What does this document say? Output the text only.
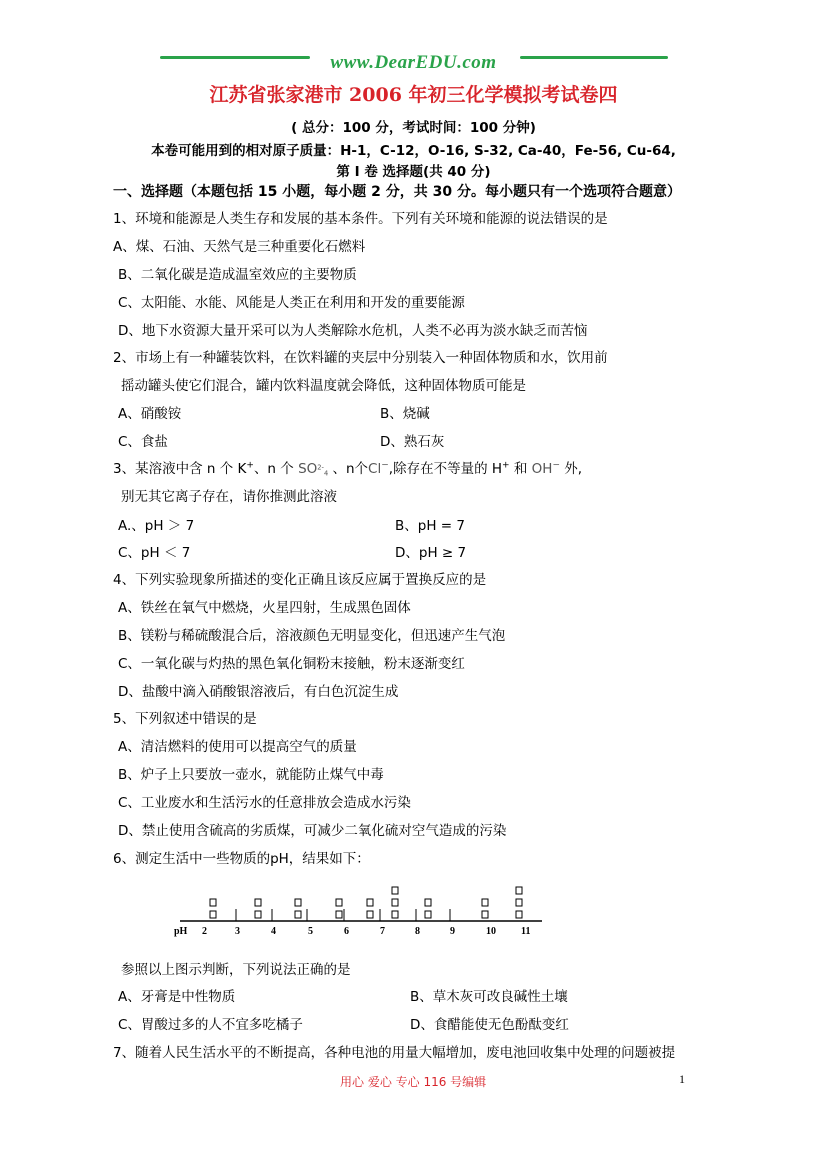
www.DearEDU.com
江苏省张家港市 2006 年初三化学模拟考试卷四
( 总分：100 分，考试时间：100 分钟)
本卷可能用到的相对原子质量：H-1，C-12，O-16, S-32, Ca-40，Fe-56, Cu-64,
第 I 卷 选择题(共 40 分)
一、选择题（本题包括 15 小题，每小题 2 分，共 30 分。每小题只有一个选项符合题意）
1、环境和能源是人类生存和发展的基本条件。下列有关环境和能源的说法错误的是
A、煤、石油、天然气是三种重要化石燃料
B、二氧化碳是造成温室效应的主要物质
C、太阳能、水能、风能是人类正在利用和开发的重要能源
D、地下水资源大量开采可以为人类解除水危机，人类不必再为淡水缺乏而苦恼
2、市场上有一种罐装饮料，在饮料罐的夹层中分别装入一种固体物质和水，饮用前
摇动罐头使它们混合，罐内饮料温度就会降低，这种固体物质可能是
A、硝酸铵	B、烧碱
C、食盐	D、熟石灰
3、某溶液中含 n 个 K+、n 个 $SO^{2-}_4$ 、n个Cl−,除存在不等量的 H+ 和 OH− 外,
别无其它离子存在，请你推测此溶液
A.、pH ＞ 7	B、pH = 7
C、pH ＜ 7	D、pH ≥ 7
4、下列实验现象所描述的变化正确且该反应属于置换反应的是
A、铁丝在氧气中燃烧，火星四射，生成黑色固体
B、镁粉与稀硫酸混合后，溶液颜色无明显变化，但迅速产生气泡
C、一氧化碳与灼热的黑色氧化铜粉末接触，粉末逐渐变红
D、盐酸中滴入硝酸银溶液后，有白色沉淀生成
5、下列叙述中错误的是
A、清洁燃料的使用可以提高空气的质量
B、炉子上只要放一壶水，就能防止煤气中毒
C、工业废水和生活污水的任意排放会造成水污染
D、禁止使用含硫高的劣质煤，可减少二氧化硫对空气造成的污染
6、测定生活中一些物质的pH，结果如下：
2	3	4	5	6	7	8	9	10	11
pH
参照以上图示判断，下列说法正确的是
A、牙膏是中性物质	B、草木灰可改良碱性土壤
C、胃酸过多的人不宜多吃橘子	D、食醋能使无色酚酞变红
7、随着人民生活水平的不断提高，各种电池的用量大幅增加，废电池回收集中处理的问题被提
用心 爱心 专心 116 号编辑	1
